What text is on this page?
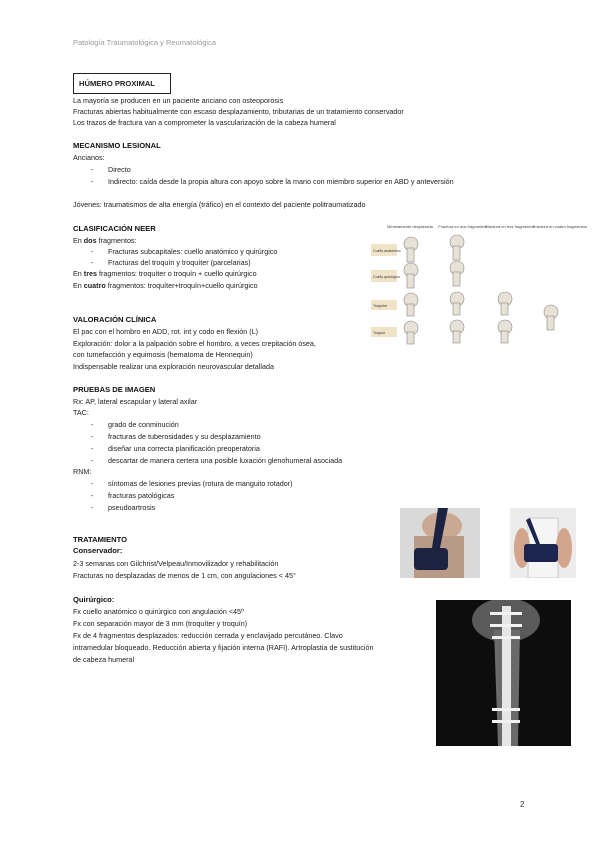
Patología Traumatológica y Reumatológica
HÚMERO PROXIMAL
La mayoría se producen en un paciente anciano con osteoporosis
Fracturas abiertas habitualmente con escaso desplazamiento, tributarias de un tratamiento conservador
Los trazos de fractura van a comprometer la vascularización de la cabeza humeral
MECANISMO LESIONAL
Ancianos:
- Directo
- Indirecto: caída desde la propia altura con apoyo sobre la mano con miembro superior en ABD y anteversión
Jóvenes: traumatismos de alta energía (tráfico) en el contexto del paciente politraumatizado
CLASIFICACIÓN NEER
En dos fragmentos:
- Fracturas subcapitales: cuello anatómico y quirúrgico
- Fracturas del troquín y troquíter (parcelarias)
En tres fragmentos: troquíter o troquín + cuello quirúrgico
En cuatro fragmentos: troquíter+troquín+cuello quirúrgico
Mínimamente desplazada Fractura en dos fragmentos
Fractura en tres fragmentos
Fractura en cuatro fragmentos
Cuello anatómico
Cuello quirúrgico
Troquíter
Troquín
VALORACIÓN CLÍNICA
El pac con el hombro en ADD, rot. int y codo en flexión (L)
Exploración: dolor a la palpación sobre el hombro, a veces crepitación ósea,
con tumefacción y equimosis (hematoma de Hennequin)
Indispensable realizar una exploración neurovascular detallada
PRUEBAS DE IMAGEN
Rx: AP, lateral escapular y lateral axilar
TAC:
- grado de conminución
- fracturas de tuberosidades y su desplazamiento
- diseñar una correcta planificación preoperatoria
- descartar de manera certera una posible luxación glenohumeral asociada
RNM:
- síntomas de lesiones previas (rotura de manguito rotador)
- fracturas patológicas
- pseudoartrosis
TRATAMIENTO
Conservador:
2-3 semanas con Gilchrist/Velpeau/Inmovilizador y rehabilitación
Fracturas no desplazadas de menos de 1 cm, con angulaciones < 45°
Quirúrgico:
Fx cuello anatómico o quirúrgico con angulación <45º
Fx con separación mayor de 3 mm (troquíter y troquín)
Fx de 4 fragmentos desplazados: reducción cerrada y enclavijado percutáneo. Clavo
intramedular bloqueado. Reducción abierta y fijación interna (RAFI). Artroplastia de sustitución
de cabeza humeral
2
